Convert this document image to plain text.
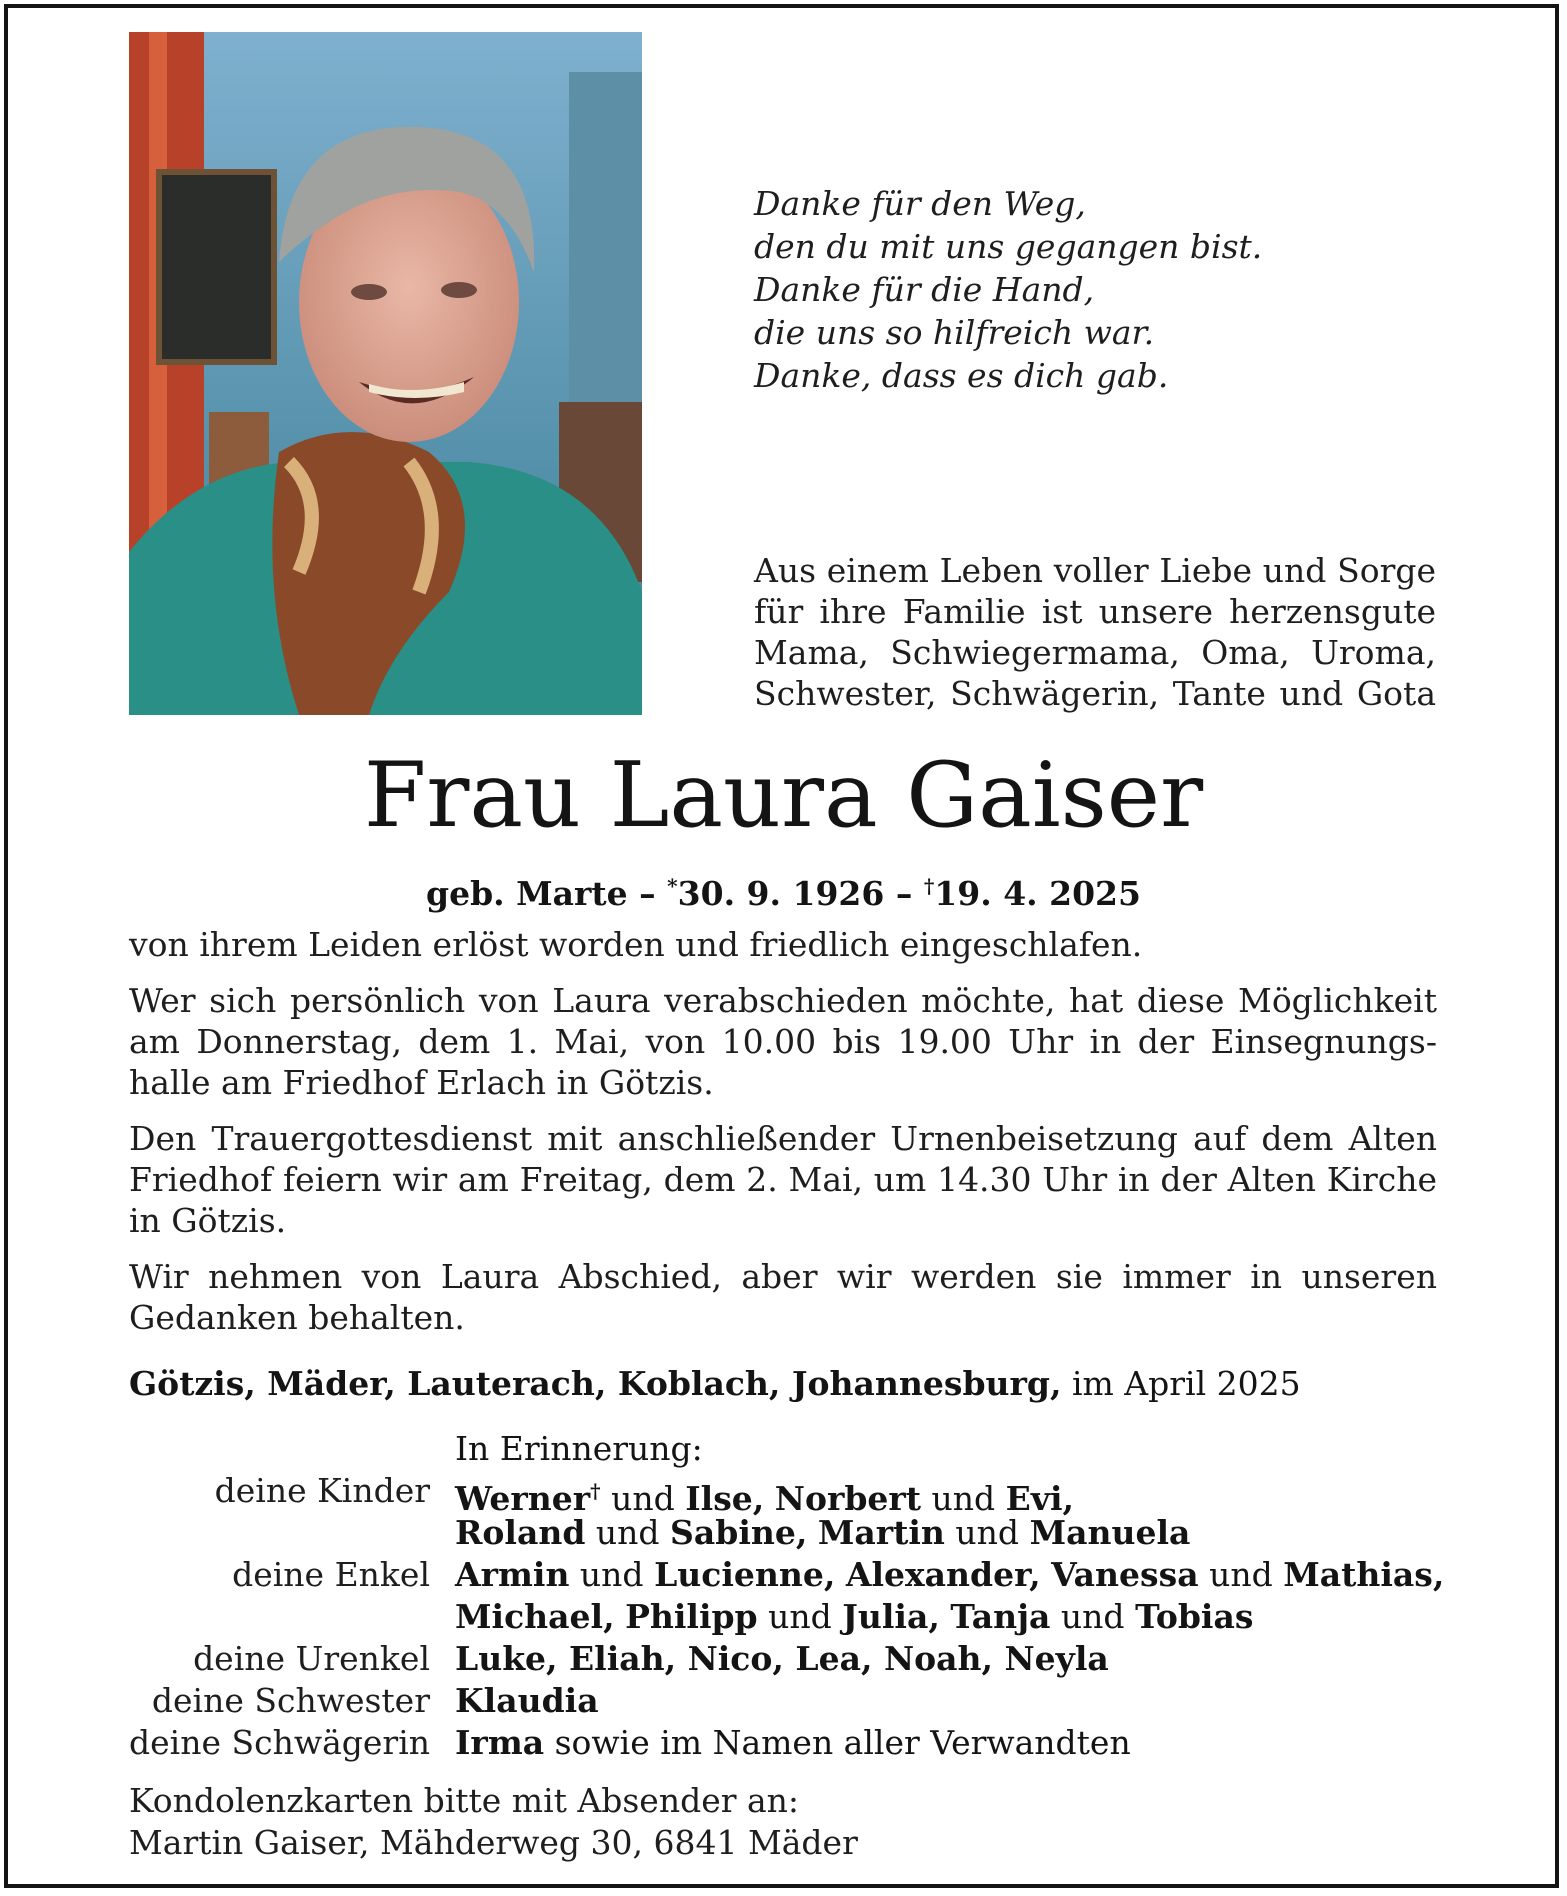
Danke für den Weg,
den du mit uns gegangen bist.
Danke für die Hand,
die uns so hilfreich war.
Danke, dass es dich gab.
Aus einem Leben voller Liebe und Sorge
für ihre Familie ist unsere herzensgute
Mama, Schwiegermama, Oma, Uroma,
Schwester, Schwägerin, Tante und Gota
Frau Laura Gaiser
geb. Marte – *30. 9. 1926 – †19. 4. 2025
von ihrem Leiden erlöst worden und friedlich eingeschlafen.
Wer sich persönlich von Laura verabschieden möchte, hat diese Möglichkeit
am Donnerstag, dem 1. Mai, von 10.00 bis 19.00 Uhr in der Einsegnungs-
halle am Friedhof Erlach in Götzis.
Den Trauergottesdienst mit anschließender Urnenbeisetzung auf dem Alten
Friedhof feiern wir am Freitag, dem 2. Mai, um 14.30 Uhr in der Alten Kirche
in Götzis.
Wir nehmen von Laura Abschied, aber wir werden sie immer in unseren
Gedanken behalten.
Götzis, Mäder, Lauterach, Koblach, Johannesburg, im April 2025
In Erinnerung:
deine Kinder Werner† und Ilse, Norbert und Evi,
Roland und Sabine, Martin und Manuela
deine Enkel Armin und Lucienne, Alexander, Vanessa und Mathias,
Michael, Philipp und Julia, Tanja und Tobias
deine Urenkel Luke, Eliah, Nico, Lea, Noah, Neyla
deine Schwester Klaudia
deine Schwägerin Irma sowie im Namen aller Verwandten
Kondolenzkarten bitte mit Absender an:
Martin Gaiser, Mähderweg 30, 6841 Mäder
